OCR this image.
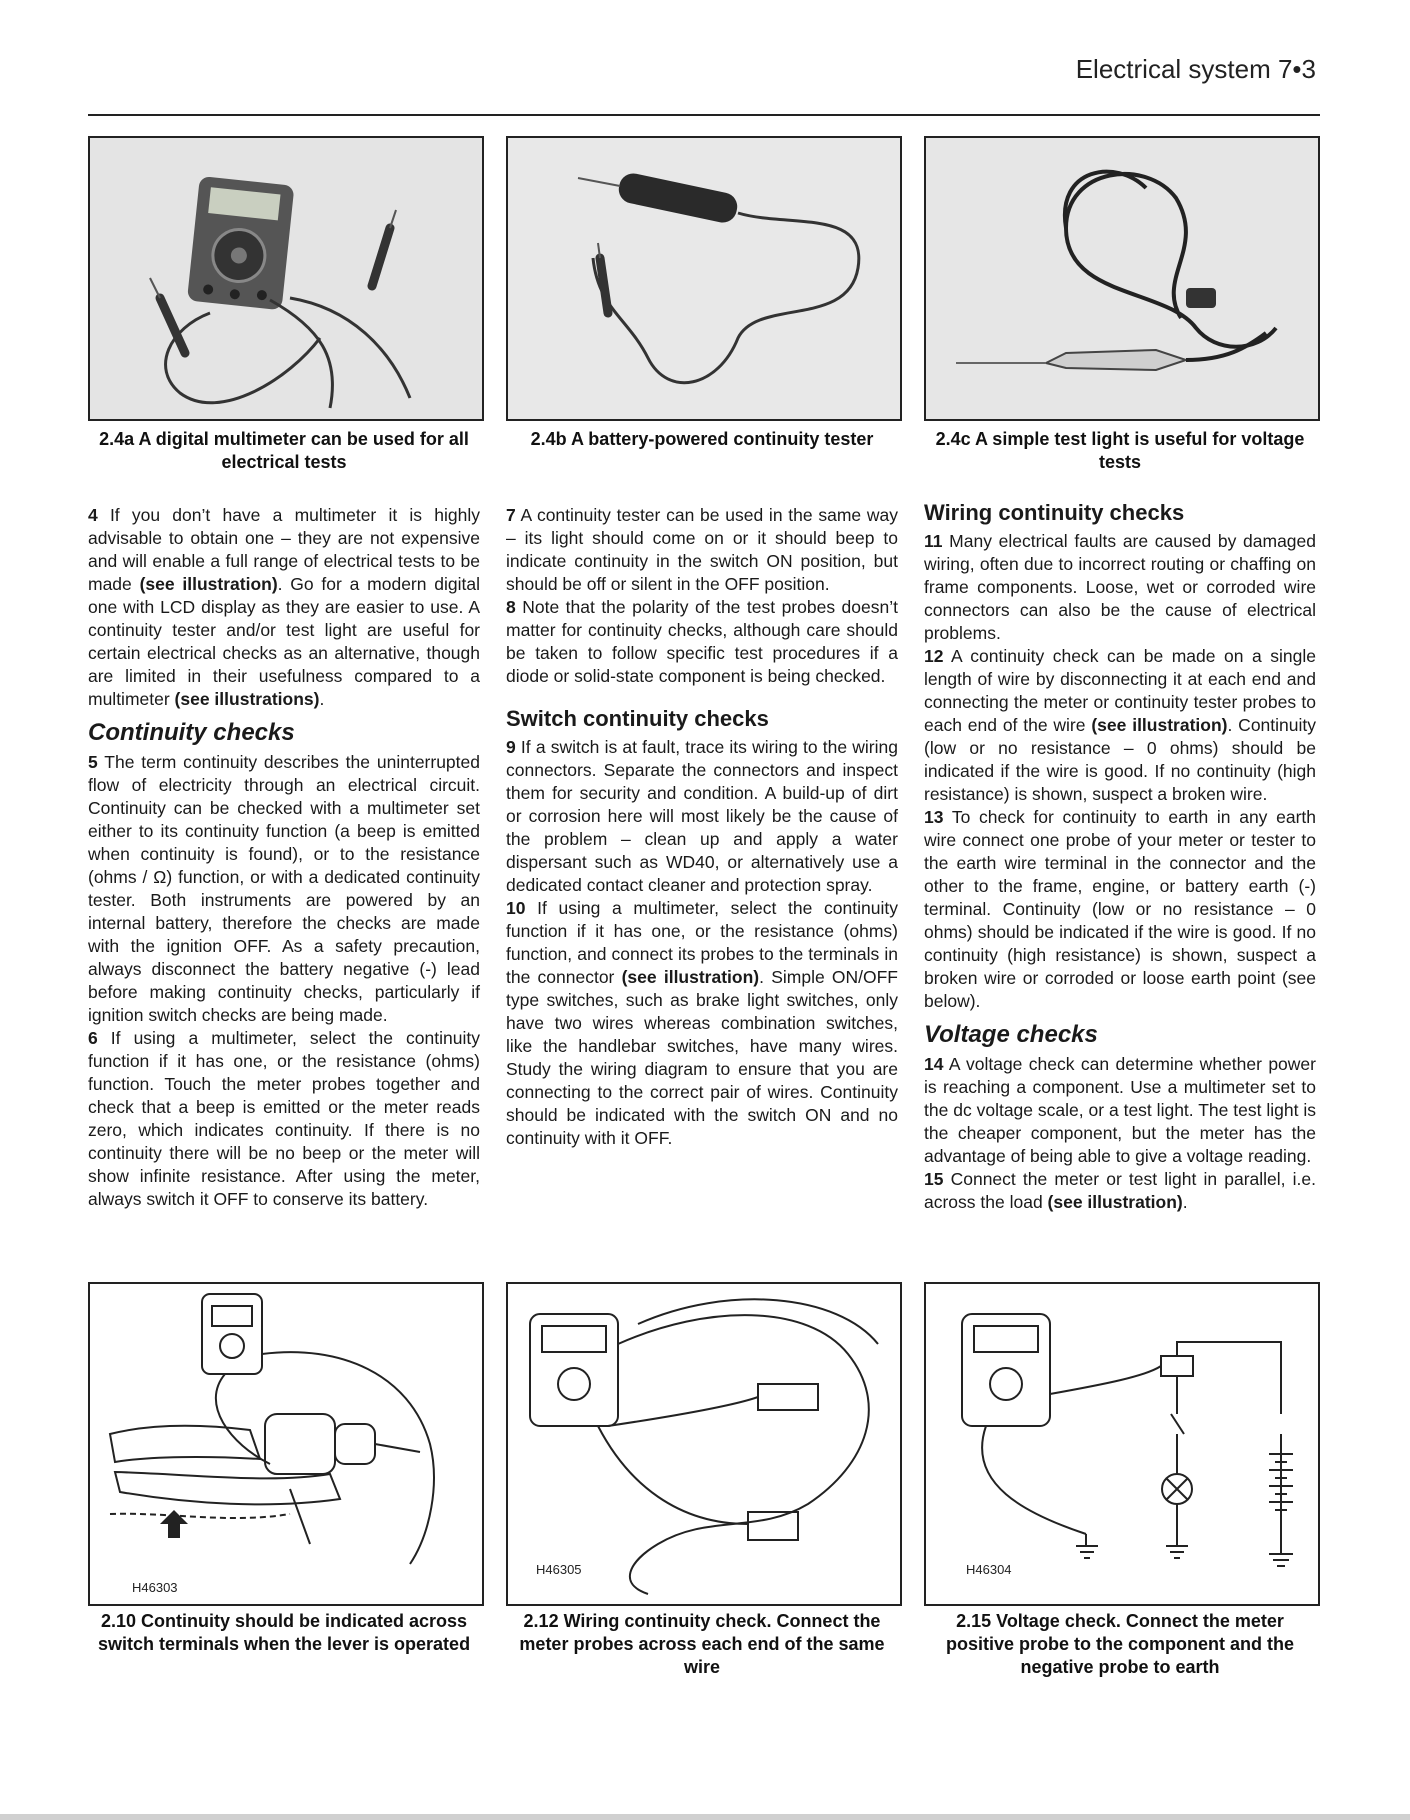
Electrical system 7•3
2.4a A digital multimeter can be used for all electrical tests
2.4b A battery-powered continuity tester	2.4c A simple test light is useful for voltage tests

4 If you don’t have a multimeter it is highly advisable to obtain one – they are not expensive and will enable a full range of electrical tests to be made (see illustration). Go for a modern digital one with LCD display as they are easier to use. A continuity tester and/or test light are useful for certain electrical checks as an alternative, though are limited in their usefulness compared to a multimeter (see illustrations).

Continuity checks

5 The term continuity describes the uninterrupted flow of electricity through an electrical circuit. Continuity can be checked with a multimeter set either to its continuity function (a beep is emitted when continuity is found), or to the resistance (ohms / Ω) function, or with a dedicated continuity tester. Both instruments are powered by an internal battery, therefore the checks are made with the ignition OFF. As a safety precaution, always disconnect the battery negative (-) lead before making continuity checks, particularly if ignition switch checks are being made.

6 If using a multimeter, select the continuity function if it has one, or the resistance (ohms) function. Touch the meter probes together and check that a beep is emitted or the meter reads zero, which indicates continuity. If there is no continuity there will be no beep or the meter will show infinite resistance. After using the meter, always switch it OFF to conserve its battery.

7 A continuity tester can be used in the same way – its light should come on or it should beep to indicate continuity in the switch ON position, but should be off or silent in the OFF position.

8 Note that the polarity of the test probes doesn’t matter for continuity checks, although care should be taken to follow specific test procedures if a diode or solid-state component is being checked.

Switch continuity checks

9 If a switch is at fault, trace its wiring to the wiring connectors. Separate the connectors and inspect them for security and condition. A build-up of dirt or corrosion here will most likely be the cause of the problem – clean up and apply a water dispersant such as WD40, or alternatively use a dedicated contact cleaner and protection spray.

10 If using a multimeter, select the continuity function if it has one, or the resistance (ohms) function, and connect its probes to the terminals in the connector (see illustration). Simple ON/OFF type switches, such as brake light switches, only have two wires whereas combination switches, like the handlebar switches, have many wires. Study the wiring diagram to ensure that you are connecting to the correct pair of wires. Continuity should be indicated with the switch ON and no continuity with it OFF.

Wiring continuity checks

11 Many electrical faults are caused by damaged wiring, often due to incorrect routing or chaffing on frame components. Loose, wet or corroded wire connectors can also be the cause of electrical problems.

12 A continuity check can be made on a single length of wire by disconnecting it at each end and connecting the meter or continuity tester probes to each end of the wire (see illustration). Continuity (low or no resistance – 0 ohms) should be indicated if the wire is good. If no continuity (high resistance) is shown, suspect a broken wire.

13 To check for continuity to earth in any earth wire connect one probe of your meter or tester to the earth wire terminal in the connector and the other to the frame, engine, or battery earth (-) terminal. Continuity (low or no resistance – 0 ohms) should be indicated if the wire is good. If no continuity (high resistance) is shown, suspect a broken wire or corroded or loose earth point (see below).

Voltage checks

14 A voltage check can determine whether power is reaching a component. Use a multimeter set to the dc voltage scale, or a test light. The test light is the cheaper component, but the meter has the advantage of being able to give a voltage reading.

15 Connect the meter or test light in parallel, i.e. across the load (see illustration).

H46303
H46305	H46304
2.10 Continuity should be indicated across switch terminals when the lever is operated
2.12 Wiring continuity check. Connect the meter probes across each end of the same wire
2.15 Voltage check. Connect the meter positive probe to the component and the negative probe to earth
